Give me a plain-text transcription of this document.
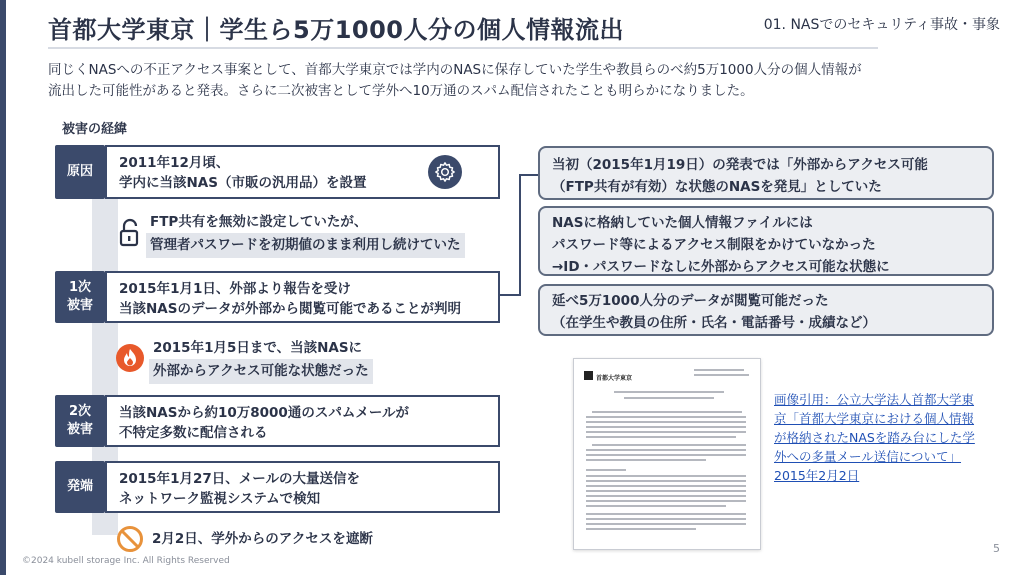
首都大学東京｜学生ら5万1000人分の個人情報流出	01. NASでのセキュリティ事故・事象

同じくNASへの不正アクセス事案として、首都大学東京では学内のNASに保存していた学生や教員らのべ約5万1000人分の個人情報が

流出した可能性があると発表。さらに二次被害として学外へ10万通のスパム配信されたことも明らかになりました。

被害の経緯
原因
2011年12月頃、
学内に当該NAS（市販の汎用品）を設置
FTP共有を無効に設定していたが、
管理者パスワードを初期値のまま利用し続けていた
1次
被害
2015年1月1日、外部より報告を受け
当該NASのデータが外部から閲覧可能であることが判明
2015年1月5日まで、当該NASに
外部からアクセス可能な状態だった
2次
被害
当該NASから約10万8000通のスパムメールが
不特定多数に配信される
発端	2015年1月27日、メールの大量送信を
ネットワーク監視システムで検知
2月2日、学外からのアクセスを遮断
当初（2015年1月19日）の発表では「外部からアクセス可能
（FTP共有が有効）な状態のNASを発見」としていた
NASに格納していた個人情報ファイルには
パスワード等によるアクセス制限をかけていなかった
→ID・パスワードなしに外部からアクセス可能な状態に
延べ5万1000人分のデータが閲覧可能だった
（在学生や教員の住所・氏名・電話番号・成績など）
首都大学東京
画像引用：公立大学法人首都大学東
京「首都大学東京における個人情報
が格納されたNASを踏み台にした学
外への多量メール送信について」
2015年2月2日
©2024 kubell storage Inc. All Rights Reserved
5
